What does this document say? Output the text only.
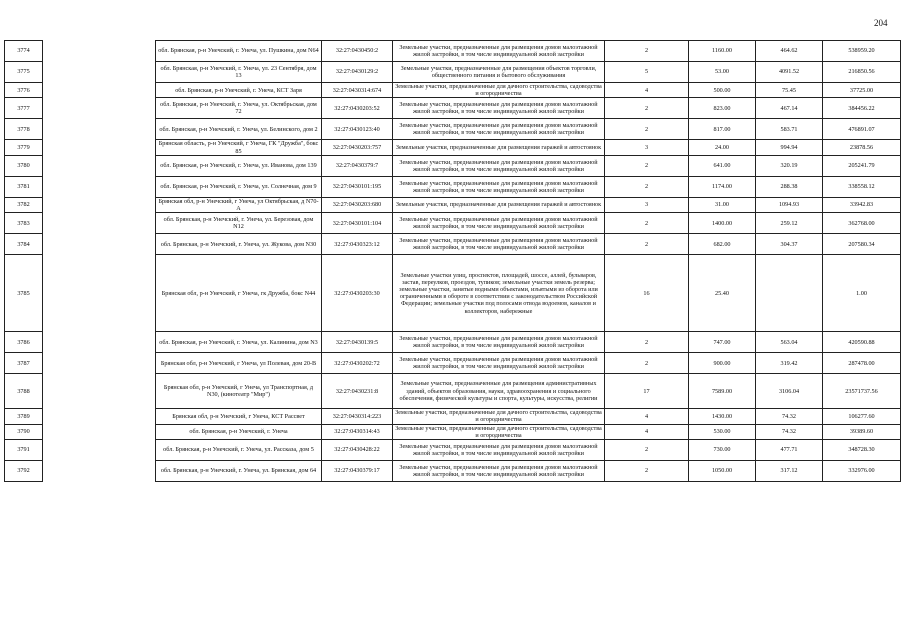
204
3774		обл. Брянская, р-н Унечский, г. Унеча, ул. Пушкина, дом N64	32:27:0430450:2	Земельные участки, предназначенные для размещения домов малоэтажной жилой застройки, в том числе индивидуальной жилой застройки	2	1160.00	464.62	538959.20
3775		обл. Брянская, р-н Унечский, г. Унеча, ул. 23 Сентября, дом 13	32:27:0430129:2	Земельные участки, предназначенные для размещения объектов торговли, общественного питания и бытового обслуживания	5	53.00	4091.52	216850.56
3776		обл. Брянская, р-н Унечский, г. Унеча, КСТ Заря	32:27:0430314:674	Земельные участки, предназначенные для дачного строительства, садоводства и огородничества	4	500.00	75.45	37725.00
3777		обл. Брянская, р-н Унечский, г. Унеча, ул. Октябрьская, дом 72	32:27:0430203:52	Земельные участки, предназначенные для размещения домов малоэтажной жилой застройки, в том числе индивидуальной жилой застройки	2	823.00	467.14	384456.22
3778		обл. Брянская, р-н Унечский, г. Унеча, ул. Белинского, дом 2	32:27:0430123:40	Земельные участки, предназначенные для размещения домов малоэтажной жилой застройки, в том числе индивидуальной жилой застройки	2	817.00	583.71	476891.07
3779		Брянская область, р-н Унечский, г Унеча, ГК "Дружба", бокс 85	32:27:0430203:757	Земельные участки, предназначенные для размещения гаражей и автостоянок	3	24.00	994.94	23878.56
3780		обл. Брянская, р-н Унечский, г. Унеча, ул. Иванова, дом 139	32:27:0430379:7	Земельные участки, предназначенные для размещения домов малоэтажной жилой застройки, в том числе индивидуальной жилой застройки	2	641.00	320.19	205241.79
3781		обл. Брянская, р-н Унечский, г. Унеча, ул. Солнечная, дом 9	32:27:0430101:195	Земельные участки, предназначенные для размещения домов малоэтажной жилой застройки, в том числе индивидуальной жилой застройки	2	1174.00	288.38	338558.12
3782		Брянская обл, р-н Унечский, г Унеча, ул Октябрьская, д N70-А	32:27:0430203:680	Земельные участки, предназначенные для размещения гаражей и автостоянок	3	31.00	1094.93	33942.83
3783		обл. Брянская, р-н Унечский, г. Унеча, ул. Березовая, дом N12	32:27:0430101:104	Земельные участки, предназначенные для размещения домов малоэтажной жилой застройки, в том числе индивидуальной жилой застройки	2	1400.00	259.12	362768.00
3784		обл. Брянская, р-н Унечский, г. Унеча, ул. Жукова, дом N30	32:27:0430323:12	Земельные участки, предназначенные для размещения домов малоэтажной жилой застройки, в том числе индивидуальной жилой застройки	2	682.00	304.37	207580.34
3785		Брянская обл, р-н Унечский, г Унеча, гк Дружба, бокс N44	32:27:0430203:30	Земельные участки улиц, проспектов, площадей, шоссе, аллей, бульваров, застав, переулков, проездов, тупиков; земельные участки земель резерва; земельные участки, занятые водными объектами, изъятыми из оборота или ограниченными в обороте в соответствии с законодательством Российской Федерации; земельные участки под полосами отвода водоемов, каналов и коллекторов, набережные	16	25.40		1.00
3786		обл. Брянская, р-н Унечский, г. Унеча, ул. Калинина, дом N3	32:27:0430139:5	Земельные участки, предназначенные для размещения домов малоэтажной жилой застройки, в том числе индивидуальной жилой застройки	2	747.00	563.04	420590.88
3787		Брянская обл, р-н Унечский, г Унеча, ул Полевая, дом 20-В	32:27:0430202:72	Земельные участки, предназначенные для размещения домов малоэтажной жилой застройки, в том числе индивидуальной жилой застройки	2	900.00	319.42	287478.00
3788		Брянская обл, р-н Унечский, г Унеча, ул Транспортная, д N30, (кинотеатр "Мир")	32:27:0430231:8	Земельные участки, предназначенные для размещения административных зданий, объектов образования, науки, здравоохранения и социального обеспечения, физической культуры и спорта, культуры, искусства, религии	17	7589.00	3106.04	23571737.56
3789		Брянская обл, р-н Унечский, г Унеча, КСТ Рассвет	32:27:0430314:223	Земельные участки, предназначенные для дачного строительства, садоводства и огородничества	4	1430.00	74.32	106277.60
3790		обл. Брянская, р-н Унечский, г. Унеча	32:27:0430314:43	Земельные участки, предназначенные для дачного строительства, садоводства и огородничества	4	530.00	74.32	39389.60
3791		обл. Брянская, р-н Унечский, г. Унеча, ул. Рассказа, дом 5	32:27:0430428:22	Земельные участки, предназначенные для размещения домов малоэтажной жилой застройки, в том числе индивидуальной жилой застройки	2	730.00	477.71	348728.30
3792		обл. Брянская, р-н Унечский, г. Унеча, ул. Брянская, дом 64	32:27:0430379:17	Земельные участки, предназначенные для размещения домов малоэтажной жилой застройки, в том числе индивидуальной жилой застройки	2	1050.00	317.12	332976.00
